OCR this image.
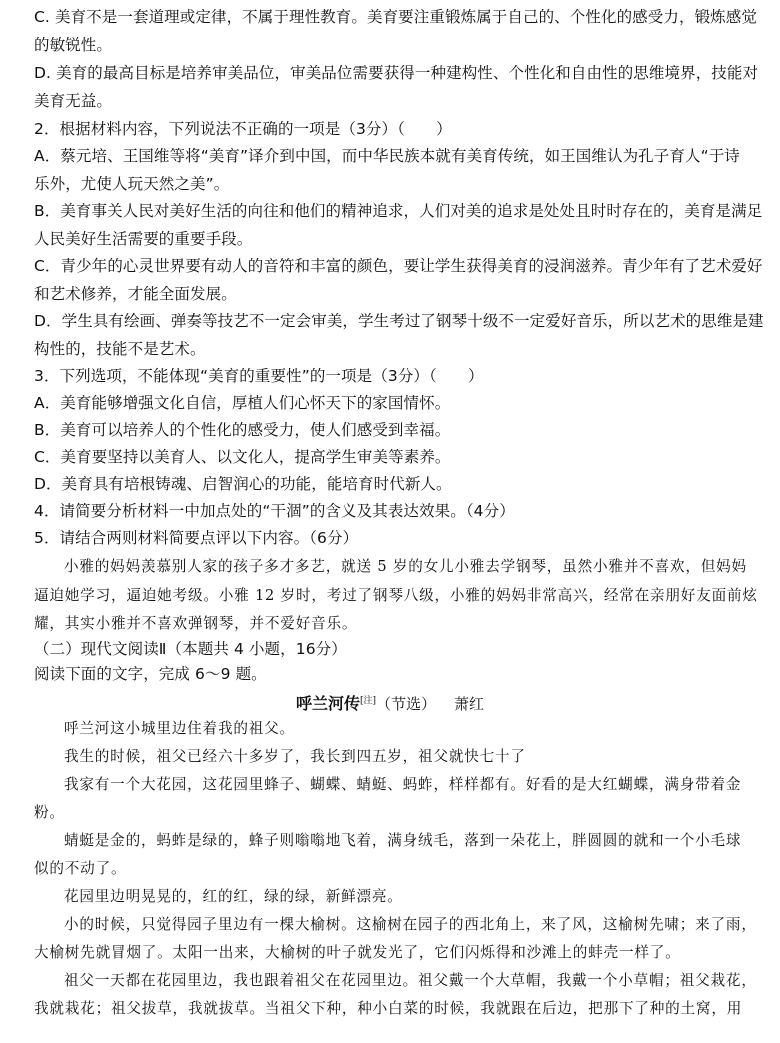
C. 美育不是一套道理或定律，不属于理性教育。美育要注重锻炼属于自己的、个性化的感受力，锻炼感觉
的敏锐性。
D. 美育的最高目标是培养审美品位，审美品位需要获得一种建构性、个性化和自由性的思维境界，技能对
美育无益。
2．根据材料内容，下列说法不正确的一项是（3分）（　　）
A．蔡元培、王国维等将“美育”译介到中国，而中华民族本就有美育传统，如王国维认为孔子育人“于诗
乐外，尤使人玩天然之美”。
B．美育事关人民对美好生活的向往和他们的精神追求，人们对美的追求是处处且时时存在的，美育是满足
人民美好生活需要的重要手段。
C．青少年的心灵世界要有动人的音符和丰富的颜色，要让学生获得美育的浸润滋养。青少年有了艺术爱好
和艺术修养，才能全面发展。
D．学生具有绘画、弹奏等技艺不一定会审美，学生考过了钢琴十级不一定爱好音乐，所以艺术的思维是建
构性的，技能不是艺术。
3．下列选项，不能体现“美育的重要性”的一项是（3分）（　　）
A．美育能够增强文化自信，厚植人们心怀天下的家国情怀。
B．美育可以培养人的个性化的感受力，使人们感受到幸福。
C．美育要坚持以美育人、以文化人，提高学生审美等素养。
D．美育具有培根铸魂、启智润心的功能，能培育时代新人。
4．请简要分析材料一中加点处的“干涸”的含义及其表达效果。（4分）
5．请结合两则材料简要点评以下内容。（6分）
小雅的妈妈羡慕别人家的孩子多才多艺，就送 5 岁的女儿小雅去学钢琴，虽然小雅并不喜欢，但妈妈
逼迫她学习，逼迫她考级。小雅 12 岁时，考过了钢琴八级，小雅的妈妈非常高兴，经常在亲朋好友面前炫
耀，其实小雅并不喜欢弹钢琴，并不爱好音乐。
（二）现代文阅读Ⅱ（本题共 4 小题，16分）
阅读下面的文字，完成 6～9 题。
呼兰河传[注]（节选） 萧红
呼兰河这小城里边住着我的祖父。
我生的时候，祖父已经六十多岁了，我长到四五岁，祖父就快七十了
我家有一个大花园，这花园里蜂子、蝴蝶、蜻蜓、蚂蚱，样样都有。好看的是大红蝴蝶，满身带着金
粉。
蜻蜓是金的，蚂蚱是绿的，蜂子则嗡嗡地飞着，满身绒毛，落到一朵花上，胖圆圆的就和一个小毛球
似的不动了。
花园里边明晃晃的，红的红，绿的绿，新鲜漂亮。
小的时候，只觉得园子里边有一棵大榆树。这榆树在园子的西北角上，来了风，这榆树先啸；来了雨，
大榆树先就冒烟了。太阳一出来，大榆树的叶子就发光了，它们闪烁得和沙滩上的蚌壳一样了。
祖父一天都在花园里边，我也跟着祖父在花园里边。祖父戴一个大草帽，我戴一个小草帽；祖父栽花，
我就栽花；祖父拔草，我就拔草。当祖父下种，种小白菜的时候，我就跟在后边，把那下了种的土窝，用
